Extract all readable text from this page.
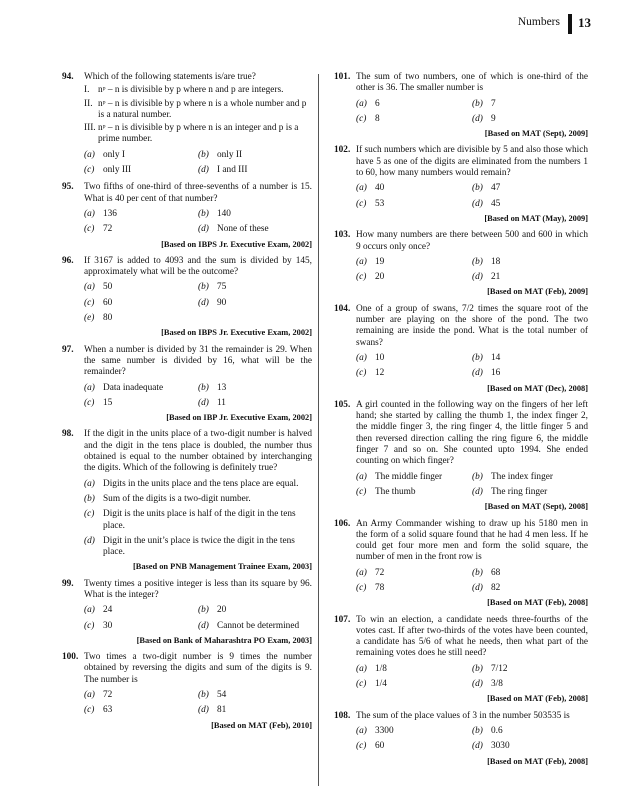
Numbers 13
94.	Which of the following statements is/are true?
I. nᵖ – n is divisible by p where n and p are integers.
II. nᵖ – n is divisible by p where n is a whole number and p is a natural number.
III. nᵖ – n is divisible by p where n is an integer and p is a prime number.
(a) only I	(b) only II
(c) only III	(d) I and III
95.	Two fifths of one-third of three-sevenths of a number is 15. What is 40 per cent of that number?
(a) 136	(b) 140
(c) 72	(d) None of these
[Based on IBPS Jr. Executive Exam, 2002]
96.	If 3167 is added to 4093 and the sum is divided by 145, approximately what will be the outcome?
(a) 50	(b) 75
(c) 60	(d) 90
(e) 80
[Based on IBPS Jr. Executive Exam, 2002]
97.	When a number is divided by 31 the remainder is 29. When the same number is divided by 16, what will be the remainder?
(a) Data inadequate	(b) 13
(c) 15	(d) 11
[Based on IBP Jr. Executive Exam, 2002]
98.	If the digit in the units place of a two-digit number is halved and the digit in the tens place is doubled, the number thus obtained is equal to the number obtained by interchanging the digits. Which of the following is definitely true?
(a) Digits in the units place and the tens place are equal.
(b) Sum of the digits is a two-digit number.
(c) Digit is the units place is half of the digit in the tens place.
(d) Digit in the unit’s place is twice the digit in the tens place.
[Based on PNB Management Trainee Exam, 2003]
99.	Twenty times a positive integer is less than its square by 96. What is the integer?
(a) 24	(b) 20
(c) 30	(d) Cannot be determined
[Based on Bank of Maharashtra PO Exam, 2003]
100. Two times a two-digit number is 9 times the number obtained by reversing the digits and sum of the digits is 9. The number is
(a) 72	(b) 54
(c) 63	(d) 81
[Based on MAT (Feb), 2010]
101. The sum of two numbers, one of which is one-third of the other is 36. The smaller number is
(a) 6	(b) 7
(c) 8	(d) 9
[Based on MAT (Sept), 2009]
102. If such numbers which are divisible by 5 and also those which have 5 as one of the digits are eliminated from the numbers 1 to 60, how many numbers would remain?
(a) 40	(b) 47
(c) 53	(d) 45
[Based on MAT (May), 2009]
103. How many numbers are there between 500 and 600 in which 9 occurs only once?
(a) 19	(b) 18
(c) 20	(d) 21
[Based on MAT (Feb), 2009]
104. One of a group of swans, 7/2 times the square root of the number are playing on the shore of the pond. The two remaining are inside the pond. What is the total number of swans?
(a) 10	(b) 14
(c) 12	(d) 16
[Based on MAT (Dec), 2008]
105. A girl counted in the following way on the fingers of her left hand; she started by calling the thumb 1, the index finger 2, the middle finger 3, the ring finger 4, the little finger 5 and then reversed direction calling the ring figure 6, the middle finger 7 and so on. She counted upto 1994. She ended counting on which finger?
(a) The middle finger	(b) The index finger
(c) The thumb	(d) The ring finger
[Based on MAT (Sept), 2008]
106. An Army Commander wishing to draw up his 5180 men in the form of a solid square found that he had 4 men less. If he could get four more men and form the solid square, the number of men in the front row is
(a) 72	(b) 68
(c) 78	(d) 82
[Based on MAT (Feb), 2008]
107. To win an election, a candidate needs three-fourths of the votes cast. If after two-thirds of the votes have been counted, a candidate has 5/6 of what he needs, then what part of the remaining votes does he still need?
(a) 1/8	(b) 7/12
(c) 1/4	(d) 3/8
[Based on MAT (Feb), 2008]
108. The sum of the place values of 3 in the number 503535 is
(a) 3300	(b) 0.6
(c) 60	(d) 3030
[Based on MAT (Feb), 2008]
